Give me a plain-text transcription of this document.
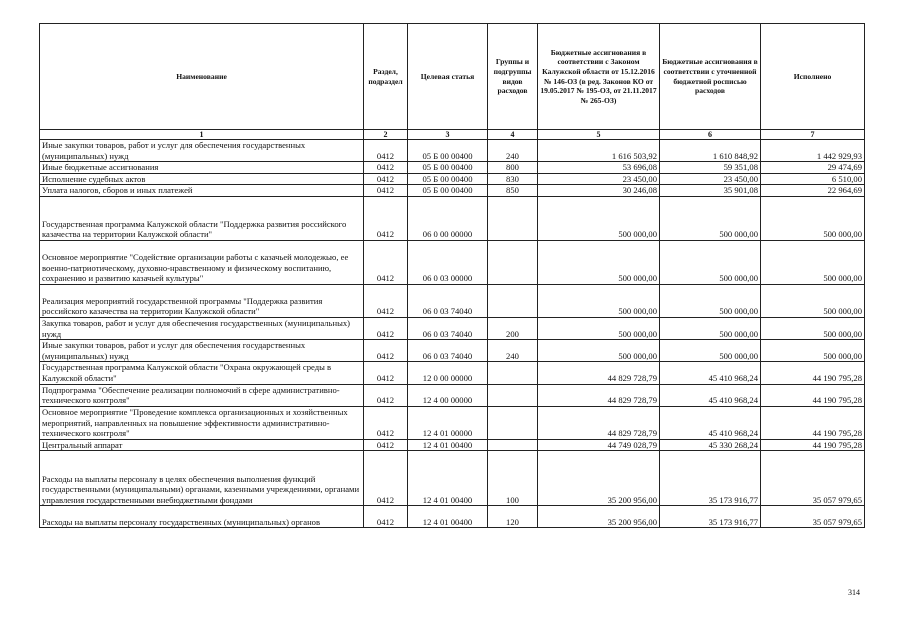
Наименование	Раздел, подраздел	Целевая статья	Группы и подгруппы видов расходов	Бюджетные ассигнования в соответствии с Законом Калужской области от 15.12.2016 № 146-ОЗ (в ред. Законов КО от 19.05.2017 № 195-ОЗ, от 21.11.2017 № 265-ОЗ)	Бюджетные ассигнования в соответствии с уточненной бюджетной росписью расходов	Исполнено
1	2	3	4	5	6	7
Иные закупки товаров, работ и услуг для обеспечения государственных (муниципальных) нужд	0412	05 Б 00 00400	240	1 616 503,92	1 610 848,92	1 442 929,93
Иные бюджетные ассигнования	0412	05 Б 00 00400	800	53 696,08	59 351,08	29 474,69
Исполнение судебных актов	0412	05 Б 00 00400	830	23 450,00	23 450,00	6 510,00
Уплата налогов, сборов и иных платежей	0412	05 Б 00 00400	850	30 246,08	35 901,08	22 964,69
Государственная программа Калужской области "Поддержка развития российского казачества на территории Калужской области"	0412	06 0 00 00000		500 000,00	500 000,00	500 000,00
Основное мероприятие "Содействие организации работы с казачьей молодежью, ее военно-патриотическому, духовно-нравственному и физическому воспитанию, сохранению и развитию казачьей культуры"	0412	06 0 03 00000		500 000,00	500 000,00	500 000,00
Реализация мероприятий государственной программы "Поддержка развития российского казачества на территории Калужской области"	0412	06 0 03 74040		500 000,00	500 000,00	500 000,00
Закупка товаров, работ и услуг для обеспечения государственных (муниципальных) нужд	0412	06 0 03 74040	200	500 000,00	500 000,00	500 000,00
Иные закупки товаров, работ и услуг для обеспечения государственных (муниципальных) нужд	0412	06 0 03 74040	240	500 000,00	500 000,00	500 000,00
Государственная программа Калужской области "Охрана окружающей среды в Калужской области"	0412	12 0 00 00000		44 829 728,79	45 410 968,24	44 190 795,28
Подпрограмма "Обеспечение реализации полномочий в сфере административно-технического контроля"	0412	12 4 00 00000		44 829 728,79	45 410 968,24	44 190 795,28
Основное мероприятие "Проведение комплекса организационных и хозяйственных мероприятий, направленных на повышение эффективности административно-технического контроля"	0412	12 4 01 00000		44 829 728,79	45 410 968,24	44 190 795,28
Центральный аппарат	0412	12 4 01 00400		44 749 028,79	45 330 268,24	44 190 795,28
Расходы на выплаты персоналу в целях обеспечения выполнения функций государственными (муниципальными) органами, казенными учреждениями, органами управления государственными внебюджетными фондами	0412	12 4 01 00400	100	35 200 956,00	35 173 916,77	35 057 979,65
Расходы на выплаты персоналу государственных (муниципальных) органов	0412	12 4 01 00400	120	35 200 956,00	35 173 916,77	35 057 979,65
314
